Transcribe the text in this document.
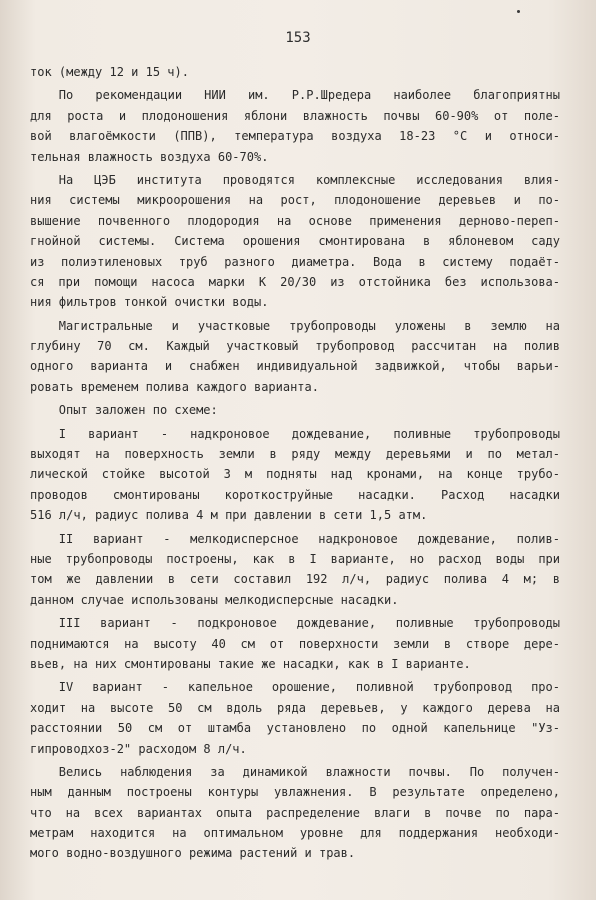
153
ток (между 12 и 15 ч).
По рекомендации НИИ им. Р.Р.Шредера наиболее благоприятны
для роста и плодоношения яблони влажность почвы 60-90% от поле-
вой влагоёмкости (ППВ), температура воздуха 18-23 °С и относи-
тельная влажность воздуха 60-70%.
На ЦЭБ института проводятся комплексные исследования влия-
ния системы микроорошения на рост, плодоношение деревьев и по-
вышение почвенного плодородия на основе применения дерново-переп-
гнойной системы. Система орошения смонтирована в яблоневом саду
из полиэтиленовых труб разного диаметра. Вода в систему подаёт-
ся при помощи насоса марки К 20/30 из отстойника без использова-
ния фильтров тонкой очистки воды.
Магистральные и участковые трубопроводы уложены в землю на
глубину 70 см. Каждый участковый трубопровод рассчитан на полив
одного варианта и снабжен индивидуальной задвижкой, чтобы варьи-
ровать временем полива каждого варианта.
Опыт заложен по схеме:
I вариант - надкроновое дождевание, поливные трубопроводы
выходят на поверхность земли в ряду между деревьями и по метал-
лической стойке высотой 3 м подняты над кронами, на конце трубо-
проводов смонтированы короткоструйные насадки. Расход насадки
516 л/ч, радиус полива 4 м при давлении в сети 1,5 атм.
II вариант - мелкодисперсное надкроновое дождевание, полив-
ные трубопроводы построены, как в I варианте, но расход воды при
том же давлении в сети составил 192 л/ч, радиус полива 4 м; в
данном случае использованы мелкодисперсные насадки.
III вариант - подкроновое дождевание, поливные трубопроводы
поднимаются на высоту 40 см от поверхности земли в створе дере-
вьев, на них смонтированы такие же насадки, как в I варианте.
IV вариант - капельное орошение, поливной трубопровод про-
ходит на высоте 50 см вдоль ряда деревьев, у каждого дерева на
расстоянии 50 см от штамба установлено по одной капельнице "Уз-
гипроводхоз-2" расходом 8 л/ч.
Велись наблюдения за динамикой влажности почвы. По получен-
ным данным построены контуры увлажнения. В результате определено,
что на всех вариантах опыта распределение влаги в почве по пара-
метрам находится на оптимальном уровне для поддержания необходи-
мого водно-воздушного режима растений и трав.
